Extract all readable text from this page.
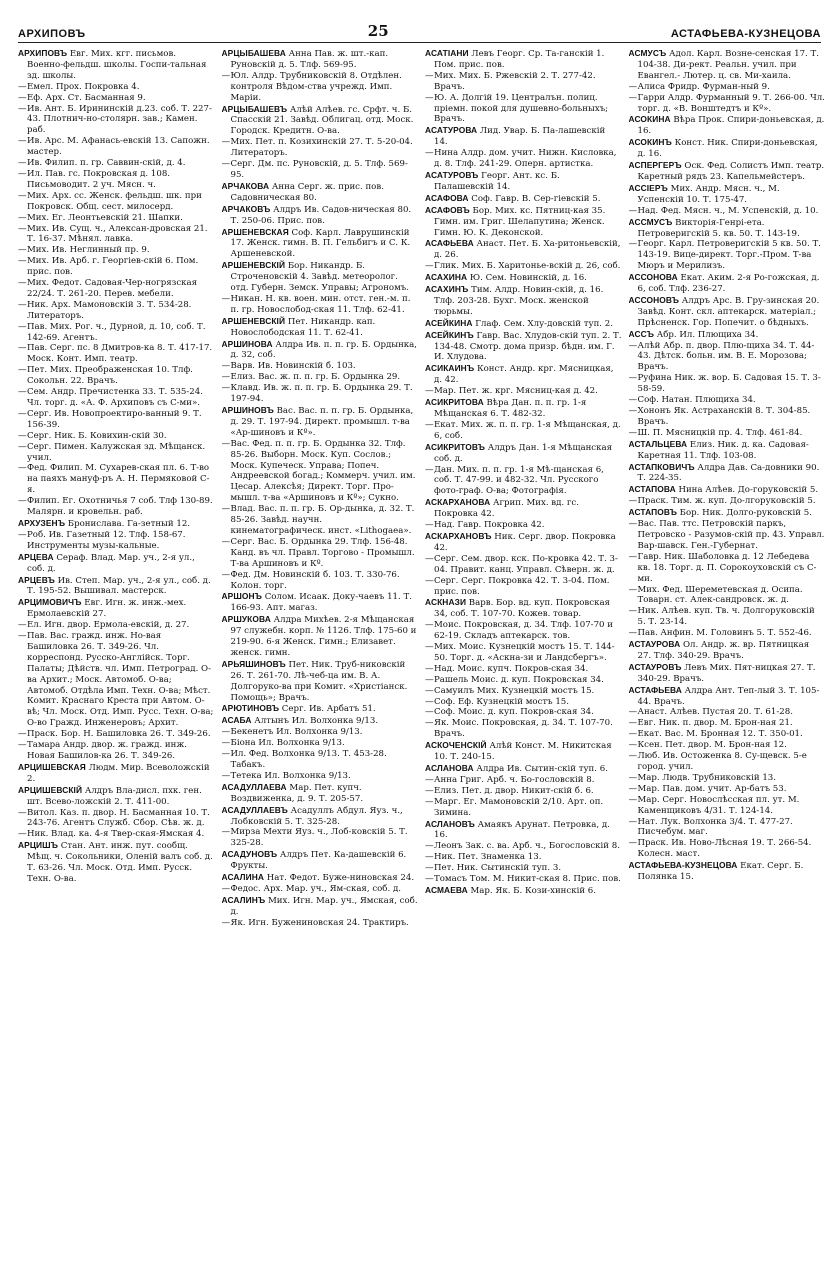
АРХИПОВЪ	25	АСТАФЬЕВА-КУЗНЕЦОВА

АРХИПОВЪ Евг. Мих. кгг. письмов. Военно-фельдш. школы. Госпи-тальная зд. школы.

—Емел. Прох. Покровка 4.

—Еф. Арх. Ст. Басманная 9.

—Ив. Ант. Б. Ирининскій д.23. соб. Т. 227-43. Плотнич-но-столярн. зав.; Камен. раб.

—Ив. Арс. М. Афанась-евскій 13. Сапожн. мастер.

—Ив. Филип. п. гр. Саввин-скій, д. 4.

—Ил. Пав. гс. Покровская д. 108. Письмоводит. 2 уч. Мясн. ч.

—Мих. Арх. сс. Женск. фельдш. шк. при Покровск. Общ. сест. милосерд.

—Мих. Ег. Леонтьевскій 21. Шапки.

—Мих. Ив. Сущ. ч., Алексан-дровская 21. Т. 16-37. Мѣнял. лавка.

—Мих. Ив. Неглинный пр. 9.

—Мих. Ив. Арб. г. Георгіев-скій 6. Пом. прис. пов.

—Мих. Федот. Садовая-Чер-ногрязская 22/24. Т. 261-20. Перев. мебели.

—Ник. Арх. Мамоновскій 3. Т. 534-28. Литераторъ.

—Пав. Мих. Рог. ч., Дурной, д. 10, соб. Т. 142-69. Агентъ.

—Пав. Серг. пс. 8 Дмитров-ка 8. Т. 417-17. Моск. Конт. Имп. театр.

—Пет. Мих. Преображенская 10. Тлф. Сокольн. 22. Врачъ.

—Сем. Андр. Пречистенка 33. Т. 535-24. Чл. торг. д. «А. Ф. Архиповъ съ С-ми».

—Серг. Ив. Новопроектиро-ванный 9. Т. 156-39.

—Серг. Ник. Б. Ковихин-скій 30.

—Серг. Пимен. Калужская зд. Мѣщанск. учил.

—Фед. Филип. М. Сухарев-ская пл. 6. Т-во на паяхъ мануф-ръ А. Н. Пермяковой С-я.

—Филип. Ег. Охотничья 7 соб. Тлф 130-89. Малярн. и кровельн. раб.

АРХУЗЕНЪ Бронислава. Га-зетный 12.

—Роб. Ив. Газетный 12. Тлф. 158-67. Инструменты музы-кальные.

АРЦЕВА Сераф. Влад. Мар. уч., 2-я ул., соб. д.

АРЦЕВЪ Ив. Степ. Мар. уч., 2-я ул., соб. д. Т. 195-52. Вышивал. мастерск.

АРЦИМОВИЧЪ Евг. Игн. ж. инж.-мех. Ермолаевскій 27.

—Ел. Игн. двор. Ермола-евскій, д. 27.

—Пав. Вас. гражд. инж. Но-вая Башиловка 26. Т. 349-26. Чл. корреспонд. Русско-Англійск. Торг. Палаты; Дѣйств. чл. Имп. Петроград. О-ва Архит.; Моск. Автомоб. О-ва; Автомоб. Отдѣла Имп. Техн. О-ва; Мѣст. Комит. Краснаго Креста при Автом. О-вѣ; Чл. Моск. Отд. Имп. Русс. Техн. О-ва; О-во Гражд. Инженеровъ; Архит.

—Праск. Бор. Н. Башиловка 26. Т. 349-26.

—Тамара Андр. двор. ж. гражд. инж. Новая Башилов-ка 26. Т. 349-26.

АРЦИШЕВСКАЯ Людм. Мир. Всеволожскій 2.

АРЦИШЕВСКІЙ Алдръ Вла-дисл. пхк. ген. шт. Всево-ложскій 2. Т. 411-00.

—Витол. Каз. п. двор. Н. Басманная 10. Т. 243-76. Агентъ Служб. Сбор. Сѣв. ж. д.

—Ник. Влад. ка. 4-я Твер-ская-Ямская 4.

АРЦИШЪ Стан. Ант. инж. пут. сообщ. Мѣщ. ч. Сокольники, Оленій валъ соб. д. Т. 63-26. Чл. Моск. Отд. Имп. Русск. Техн. О-ва.

АРЦЫБАШЕВА Анна Пав. ж. шт.-кап. Руновскій д. 5. Тлф. 569-95.

—Юл. Алдр. Трубниковскій 8. Отдѣлен. контроля Вѣдом-ства учрежд. Имп. Маріи.

АРЦЫБАШЕВЪ Алѣй Алѣев. гс. Срфт. ч. Б. Спасскій 21. Завѣд. Облигац. отд. Моск. Городск. Кредитн. О-ва.

—Мих. Пет. п. Козихинскій 27. Т. 5-20-04. Литераторъ.

—Серг. Дм. пс. Руновскій, д. 5. Тлф. 569-95.

АРЧАКОВА Анна Серг. ж. прис. пов. Садовническая 80.

АРЧАКОВЪ Алдръ Ив. Садов-ническая 80. Т. 250-06. Прис. пов.

АРШЕНЕВСКАЯ Соф. Карл. Лаврушинскій 17. Женск. гимн. В. П. Гельбигъ и С. К. Аршеневской.

АРШЕНЕВСКІЙ Бор. Никандр. Б. Строченовскій 4. Завѣд. метеоролог. отд. Губерн. Земск. Управы; Агрономъ.

—Никан. Н. кв. воен. мин. отст. ген.-м. п. п. гр. Новослобод-ская 11. Тлф. 62-41.

АРШЕНЕВСКІЙ Пет. Никандр. кап. Новослободская 11. Т. 62-41.

АРШИНОВА Алдра Ив. п. п. гр. Б. Ордынка, д. 32, соб.

—Варв. Ив. Новинскій б. 103.

—Елиз. Вас. ж. п. п. гр. Б. Ордынка 29.

—Клавд. Ив. ж. п. п. гр. Б. Ордынка 29. Т. 197-94.

АРШИНОВЪ Вас. Вас. п. п. гр. Б. Ордынка, д. 29. Т. 197-94. Директ. промышл. т-ва «Ар-шиновъ и Кº».

—Вас. Фед. п. п. гр. Б. Ордынка 32. Тлф. 85-26. Выборн. Моск. Куп. Сослов.; Моск. Купеческ. Управа; Попеч. Андреевской богад.; Коммерч. учил. им. Цесар. Алексѣя; Директ. Торг. Про-мышл. т-ва «Аршиновъ и Кº»; Сукно.

—Влад. Вас. п. п. гр. Б. Ор-дынка, д. 32. Т. 85-26. Завѣд. научн. кинематографическ. инст. «Lithogaea».

—Серг. Вас. Б. Ордынка 29. Тлф. 156-48. Канд. въ чл. Правл. Торгово - Промышл. Т-ва Аршиновъ и Кº.

—Фед. Дм. Новинскій б. 103. Т. 330-76. Колон. торг.

АРШОНЪ Солом. Исаак. Доку-чаевъ 11. Т. 166-93. Апт. магаз.

АРШУКОВА Алдра Михѣев. 2-я Мѣщанская 97 служебн. корп. № 1126. Тлф. 175-60 и 219-90. 6-я Женск. Гимн.; Елизавет. женск. гимн.

АРЬЯШИНОВЪ Пет. Ник. Труб-никовскій 26. Т. 261-70. Лѣ-чеб-ца им. В. А. Долгоруко-ва при Комит. «Христіанск. Помощь»; Врачъ.

АРЮТИНОВЪ Серг. Ив. Арбатъ 51.

АСАБА Алтынъ Ил. Волхонка 9/13.

—Бекенетъ Ил. Волхонка 9/13.

—Біона Ил. Волхонка 9/13.

—Ил. Фед. Волхонка 9/13. Т. 453-28. Табакъ.

—Тетека Ил. Волхонка 9/13.

АСАДУЛЛАЕВА Мар. Пет. купч. Воздвиженка, д. 9. Т. 205-57.

АСАДУЛЛАЕВЪ Асадуллъ Абдул. Яуз. ч., Лобковскій 5. Т. 325-28.

—Мирза Мехти Яуз. ч., Лоб-ковскій 5. Т. 325-28.

АСАДУНОВЪ Алдръ Пет. Ка-дашевскій 6. Фрукты.

АСАЛИНА Нат. Федот. Буже-ниновская 24.

—Федос. Арх. Мар. уч., Ям-ская, соб. д.

АСАЛИНЪ Мих. Игн. Мар. уч., Ямская, соб. д.

—Як. Игн. Бужениновская 24. Трактиръ.

АСАТІАНИ Левъ Георг. Ср. Та-ганскій 1. Пом. прис. пов.

—Мих. Мих. Б. Ржевскій 2. Т. 277-42. Врачъ.

—Ю. А. Долгій 19. Централън. полиц. пріемн. покой для душевно-больныхъ; Врачъ.

АСАТУРОВА Лид. Увар. Б. Па-лашевскій 14.

—Нина Алдр. дом. учит. Нижн. Кисловка, д. 8. Тлф. 241-29. Оперн. артистка.

АСАТУРОВЪ Георг. Ант. кс. Б. Палашевскій 14.

АСАФОВА Соф. Гавр. В. Сер-гіевскій 5.

АСАФОВЪ Бор. Мих. кс. Пятниц-кая 35. Гимн. им. Григ. Шелапутина; Женск. Гимн. Ю. К. Деконской.

АСАФЬЕВА Анаст. Пет. Б. Ха-ритоньевскій, д. 26.

—Глик. Мих. Б. Харитонье-вскій д. 26, соб.

АСАХИНА Ю. Сем. Новинскій, д. 16.

АСАХИНЪ Тим. Алдр. Новин-скій, д. 16. Тлф. 203-28. Бухг. Моск. женской тюрьмы.

АСЕЙКИНА Глаф. Сем. Хлу-довскій туп. 2.

АСЕЙКИНЪ Гавр. Вас. Хлудов-скій туп. 2. Т. 134-48. Смотр. дома призр. бѣдн. им. Г. И. Хлудова.

АСИКАИНЪ Конст. Андр. крг. Мясницкая, д. 42.

—Мар. Пет. ж. крг. Мясниц-кая д. 42.

АСИКРИТОВА Вѣра Дан. п. п. гр. 1-я Мѣщанская 6. Т. 482-32.

—Екат. Мих. ж. п. п. гр. 1-я Мѣщанская, д. 6, соб.

АСИКРИТОВЪ Алдръ Дан. 1-я Мѣщанская соб. д.

—Дан. Мих. п. п. гр. 1-я Мѣ-щанская 6, соб. Т. 47-99. и 482-32. Чл. Русского фото-граф. О-ва; Фотографія.

АСКАРХАНОВА Агрип. Мих. вд. гс. Покровка 42.

—Над. Гавр. Покровка 42.

АСКАРХАНОВЪ Ник. Серг. двор. Покровка 42.

—Серг. Сем. двор. кск. По-кровка 42. Т. 3-04. Правит. канц. Управл. Сѣверн. ж. д.

—Серг. Серг. Покровка 42. Т. 3-04. Пом. прис. пов.

АСКНАЗИ Варв. Бор. вд. куп. Покровская 34, соб. Т. 107-70. Кожев. товар.

—Моис. Покровская, д. 34. Тлф. 107-70 и 62-19. Складъ аптекарск. тов.

—Мих. Моис. Кузнецкій мостъ 15. Т. 144-50. Торг. д. «Аскна-зи и Ландсбергъ».

—Над. Моис. купч. Покров-ская 34.

—Рашель Моис. д. куп. Покровская 34.

—Самуилъ Мих. Кузнецкій мостъ 15.

—Соф. Еф. Кузнецкій мостъ 15.

—Соф. Моис. д. куп. Покров-ская 34.

—Як. Моис. Покровская, д. 34. Т. 107-70. Врачъ.

АСКОЧЕНСКІЙ Алѣй Конст. М. Никитская 10. Т. 240-15.

АСЛАНОВА Алдра Ив. Сытин-скій туп. 6.

—Анна Григ. Арб. ч. Бо-гословскій 8.

—Елиз. Пет. д. двор. Никит-скій б. 6.

—Марг. Ег. Мамоновскій 2/10. Арт. оп. Зимина.

АСЛАНОВЪ Амаякъ Арунат. Петровка, д. 16.

—Леонъ Зак. с. ва. Арб. ч., Богословскій 8.

—Ник. Пет. Знаменка 13.

—Пет. Ник. Сытинскій туп. 3.

—Томасъ Том. М. Никит-ская 8. Прис. пов.

АСМАЕВА Мар. Як. Б. Кози-хинскій 6.

АСМУСЪ Адол. Карл. Возне-сенская 17. Т. 104-38. Ди-рект. Реальн. учил. при Евангел.- Лютер. ц. св. Ми-хаила.

—Алиса Фридр. Фурман-ный 9.

—Гарри Алдр. Фурманный 9. Т. 266-00. Чл. торг. д. «В. Вонштедтъ и Кº».

АСОКИНА Вѣра Прок. Спири-доньевская, д. 16.

АСОКИНЪ Конст. Ник. Спири-доньевская, д. 16.

АСПЕРГЕРЪ Оск. Фед. Солистъ Имп. театр. Каретный рядъ 23. Капельмейстеръ.

АССІЕРЪ Мих. Андр. Мясн. ч., М. Успенскій 10. Т. 175-47.

—Над. Фед. Мясн. ч., М. Успенскій, д. 10.

АССМУСЪ Викторія-Генрі-ета. Петроверигскій 5. кв. 50. Т. 143-19.

—Георг. Карл. Петроверигскій 5 кв. 50. Т. 143-19. Вице-директ. Торг.-Пром. Т-ва Мюръ и Мерилизъ.

АССОНОВА Екат. Аким. 2-я Ро-гожская, д. 6, соб. Тлф. 236-27.

АССОНОВЪ Алдръ Арс. В. Гру-зинская 20. Завѣд. Конт. скл. аптекарск. матеріал.; Прѣсненск. Гор. Попечит. о бѣдныхъ.

АССЪ Абр. Ил. Плющиха 34.

—Алѣй Абр. п. двор. Плю-щиха 34. Т. 44-43. Дѣтск. больн. им. В. Е. Морозова; Врачъ.

—Руфина Ник. ж. вор. Б. Садовая 15. Т. 3-58-59.

—Соф. Натан. Плющиха 34.

—Хононъ Як. Астраханскій 8. Т. 304-85. Врачъ.

—Ш. П. Мясницкій пр. 4. Тлф. 461-84.

АСТАЛЬЦЕВА Елиз. Ник. д. ка. Садовая-Каретная 11. Тлф. 103-08.

АСТАПКОВИЧЪ Алдра Дав. Са-довники 90. Т. 224-35.

АСТАПОВА Нина Алѣев. До-горуковскій 5.

—Праск. Тим. ж. куп. До-лгоруковскій 5.

АСТАПОВЪ Бор. Ник. Долго-руковскій 5.

—Вас. Пав. ттс. Петровскій паркъ, Петровско - Разумов-скій пр. 43. Управл. Вар-шавск. Ген.-Губернат.

—Гавр. Ник. Шаболовка д. 12 Лебедева кв. 18. Торг. д. П. Сорокоуховскій съ С-ми.

—Мих. Фед. Шереметевская д. Осипа. Товарн. ст. Алек-сандровск. ж. д.

—Ник. Алѣев. куп. Тв. ч. Долгоруковскій 5. Т. 23-14.

—Пав. Анфин. М. Головинъ 5. Т. 552-46.

АСТАУРОВА Ол. Андр. ж. вр. Пятницкая 27. Тлф. 340-29. Врачъ.

АСТАУРОВЪ Левъ Мих. Пят-ницкая 27. Т. 340-29. Врачъ.

АСТАФЬЕВА Алдра Ант. Теп-лый 3. Т. 105-44. Врачъ.

—Анаст. Алѣев. Пустая 20. Т. 61-28.

—Евг. Ник. п. двор. М. Брон-ная 21.

—Екат. Вас. М. Бронная 12. Т. 350-01.

—Ксен. Пет. двор. М. Брон-ная 12.

—Люб. Ив. Остоженка 8. Су-щевск. 5-е город. учил.

—Мар. Людв. Трубниковскій 13.

—Мар. Пав. дом. учит. Ар-батъ 53.

—Мар. Серг. Новослѣсская пл. ут. М. Каменщиковъ 4/31. Т. 124-14.

—Нат. Лук. Волхонка 3/4. Т. 477-27. Писчебум. маг.

—Праск. Ив. Ново-Лѣсная 19. Т. 266-54. Колесн. маст.

АСТАФЬЕВА-КУЗНЕЦОВА Екат. Серг. Б. Полянка 15.
